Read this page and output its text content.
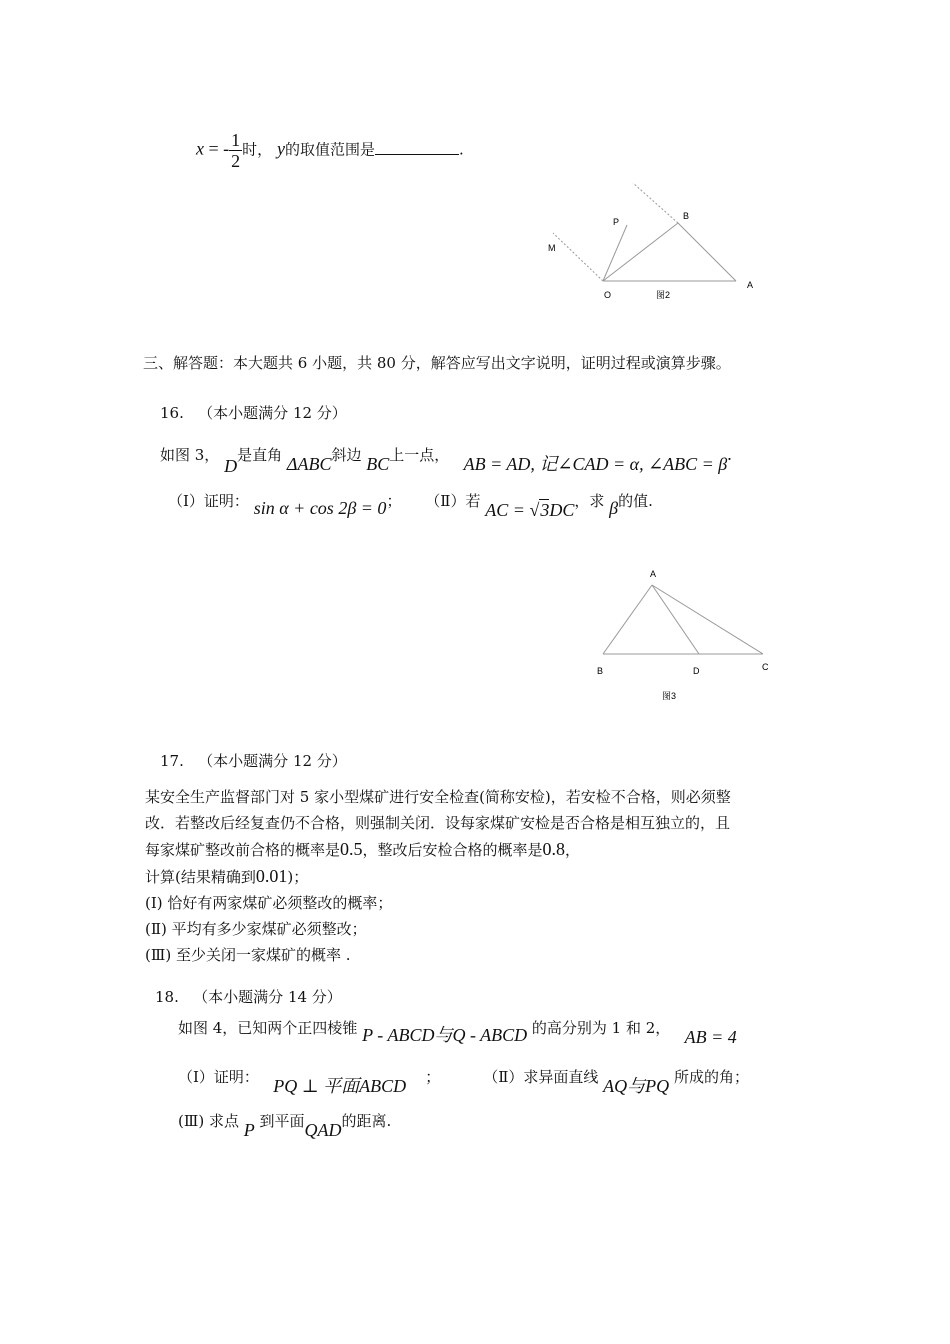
x = - $\frac{1}{2}$ 时， y的取值范围是	.
P
B
M
O
A
图2
三、解答题：本大题共 6 小题，共 80 分，解答应写出文字说明，证明过程或演算步骤。
16. （本小题满分 12 分）
如图 3， D是直角 ΔABC斜边 BC上一点， AB = AD, 记∠CAD = α, ∠ABC = β.
（Ⅰ）证明： sin α + cos 2β = 0； （Ⅱ）若 AC = √3DC，求 β的值.
A
B	D	C
图3
17. （本小题满分 12 分）
某安全生产监督部门对 5 家小型煤矿进行安全检查(简称安检)，若安检不合格，则必须整
改．若整改后经复查仍不合格，则强制关闭．设每家煤矿安检是否合格是相互独立的，且
每家煤矿整改前合格的概率是0.5，整改后安检合格的概率是0.8，
计算(结果精确到0.01)；
(Ⅰ) 恰好有两家煤矿必须整改的概率；
(Ⅱ) 平均有多少家煤矿必须整改；
(Ⅲ) 至少关闭一家煤矿的概率 .
18. （本小题满分 14 分）
如图 4，已知两个正四棱锥 P - ABCD与Q - ABCD 的高分别为 1 和 2， AB = 4
（Ⅰ）证明： PQ ⊥ 平面ABCD ；	（Ⅱ）求异面直线 AQ与PQ 所成的角；
(Ⅲ) 求点 P 到平面QAD的距离.
